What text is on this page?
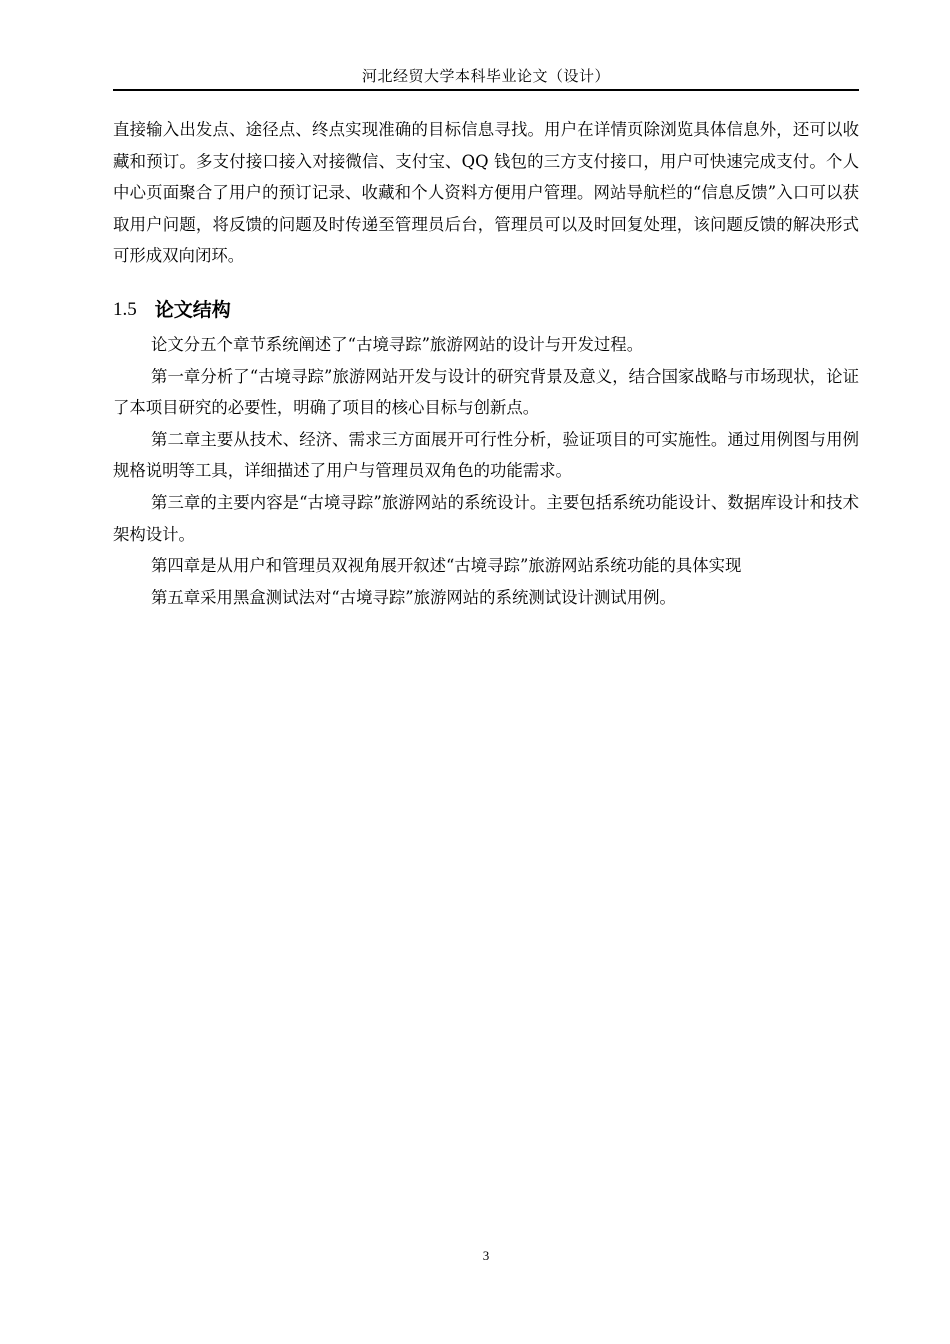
河北经贸大学本科毕业论文（设计）

直接输入出发点、途径点、终点实现准确的目标信息寻找。用户在详情页除浏览具体信息外，还可以收藏和预订。多支付接口接入对接微信、支付宝、QQ 钱包的三方支付接口，用户可快速完成支付。个人中心页面聚合了用户的预订记录、收藏和个人资料方便用户管理。网站导航栏的“信息反馈”入口可以获取用户问题，将反馈的问题及时传递至管理员后台，管理员可以及时回复处理，该问题反馈的解决形式可形成双向闭环。

1.5 论文结构

论文分五个章节系统阐述了“古境寻踪”旅游网站的设计与开发过程。

第一章分析了“古境寻踪”旅游网站开发与设计的研究背景及意义，结合国家战略与市场现状，论证了本项目研究的必要性，明确了项目的核心目标与创新点。

第二章主要从技术、经济、需求三方面展开可行性分析，验证项目的可实施性。通过用例图与用例规格说明等工具，详细描述了用户与管理员双角色的功能需求。

第三章的主要内容是“古境寻踪”旅游网站的系统设计。主要包括系统功能设计、数据库设计和技术架构设计。

第四章是从用户和管理员双视角展开叙述“古境寻踪”旅游网站系统功能的具体实现

第五章采用黑盒测试法对“古境寻踪”旅游网站的系统测试设计测试用例。

3
